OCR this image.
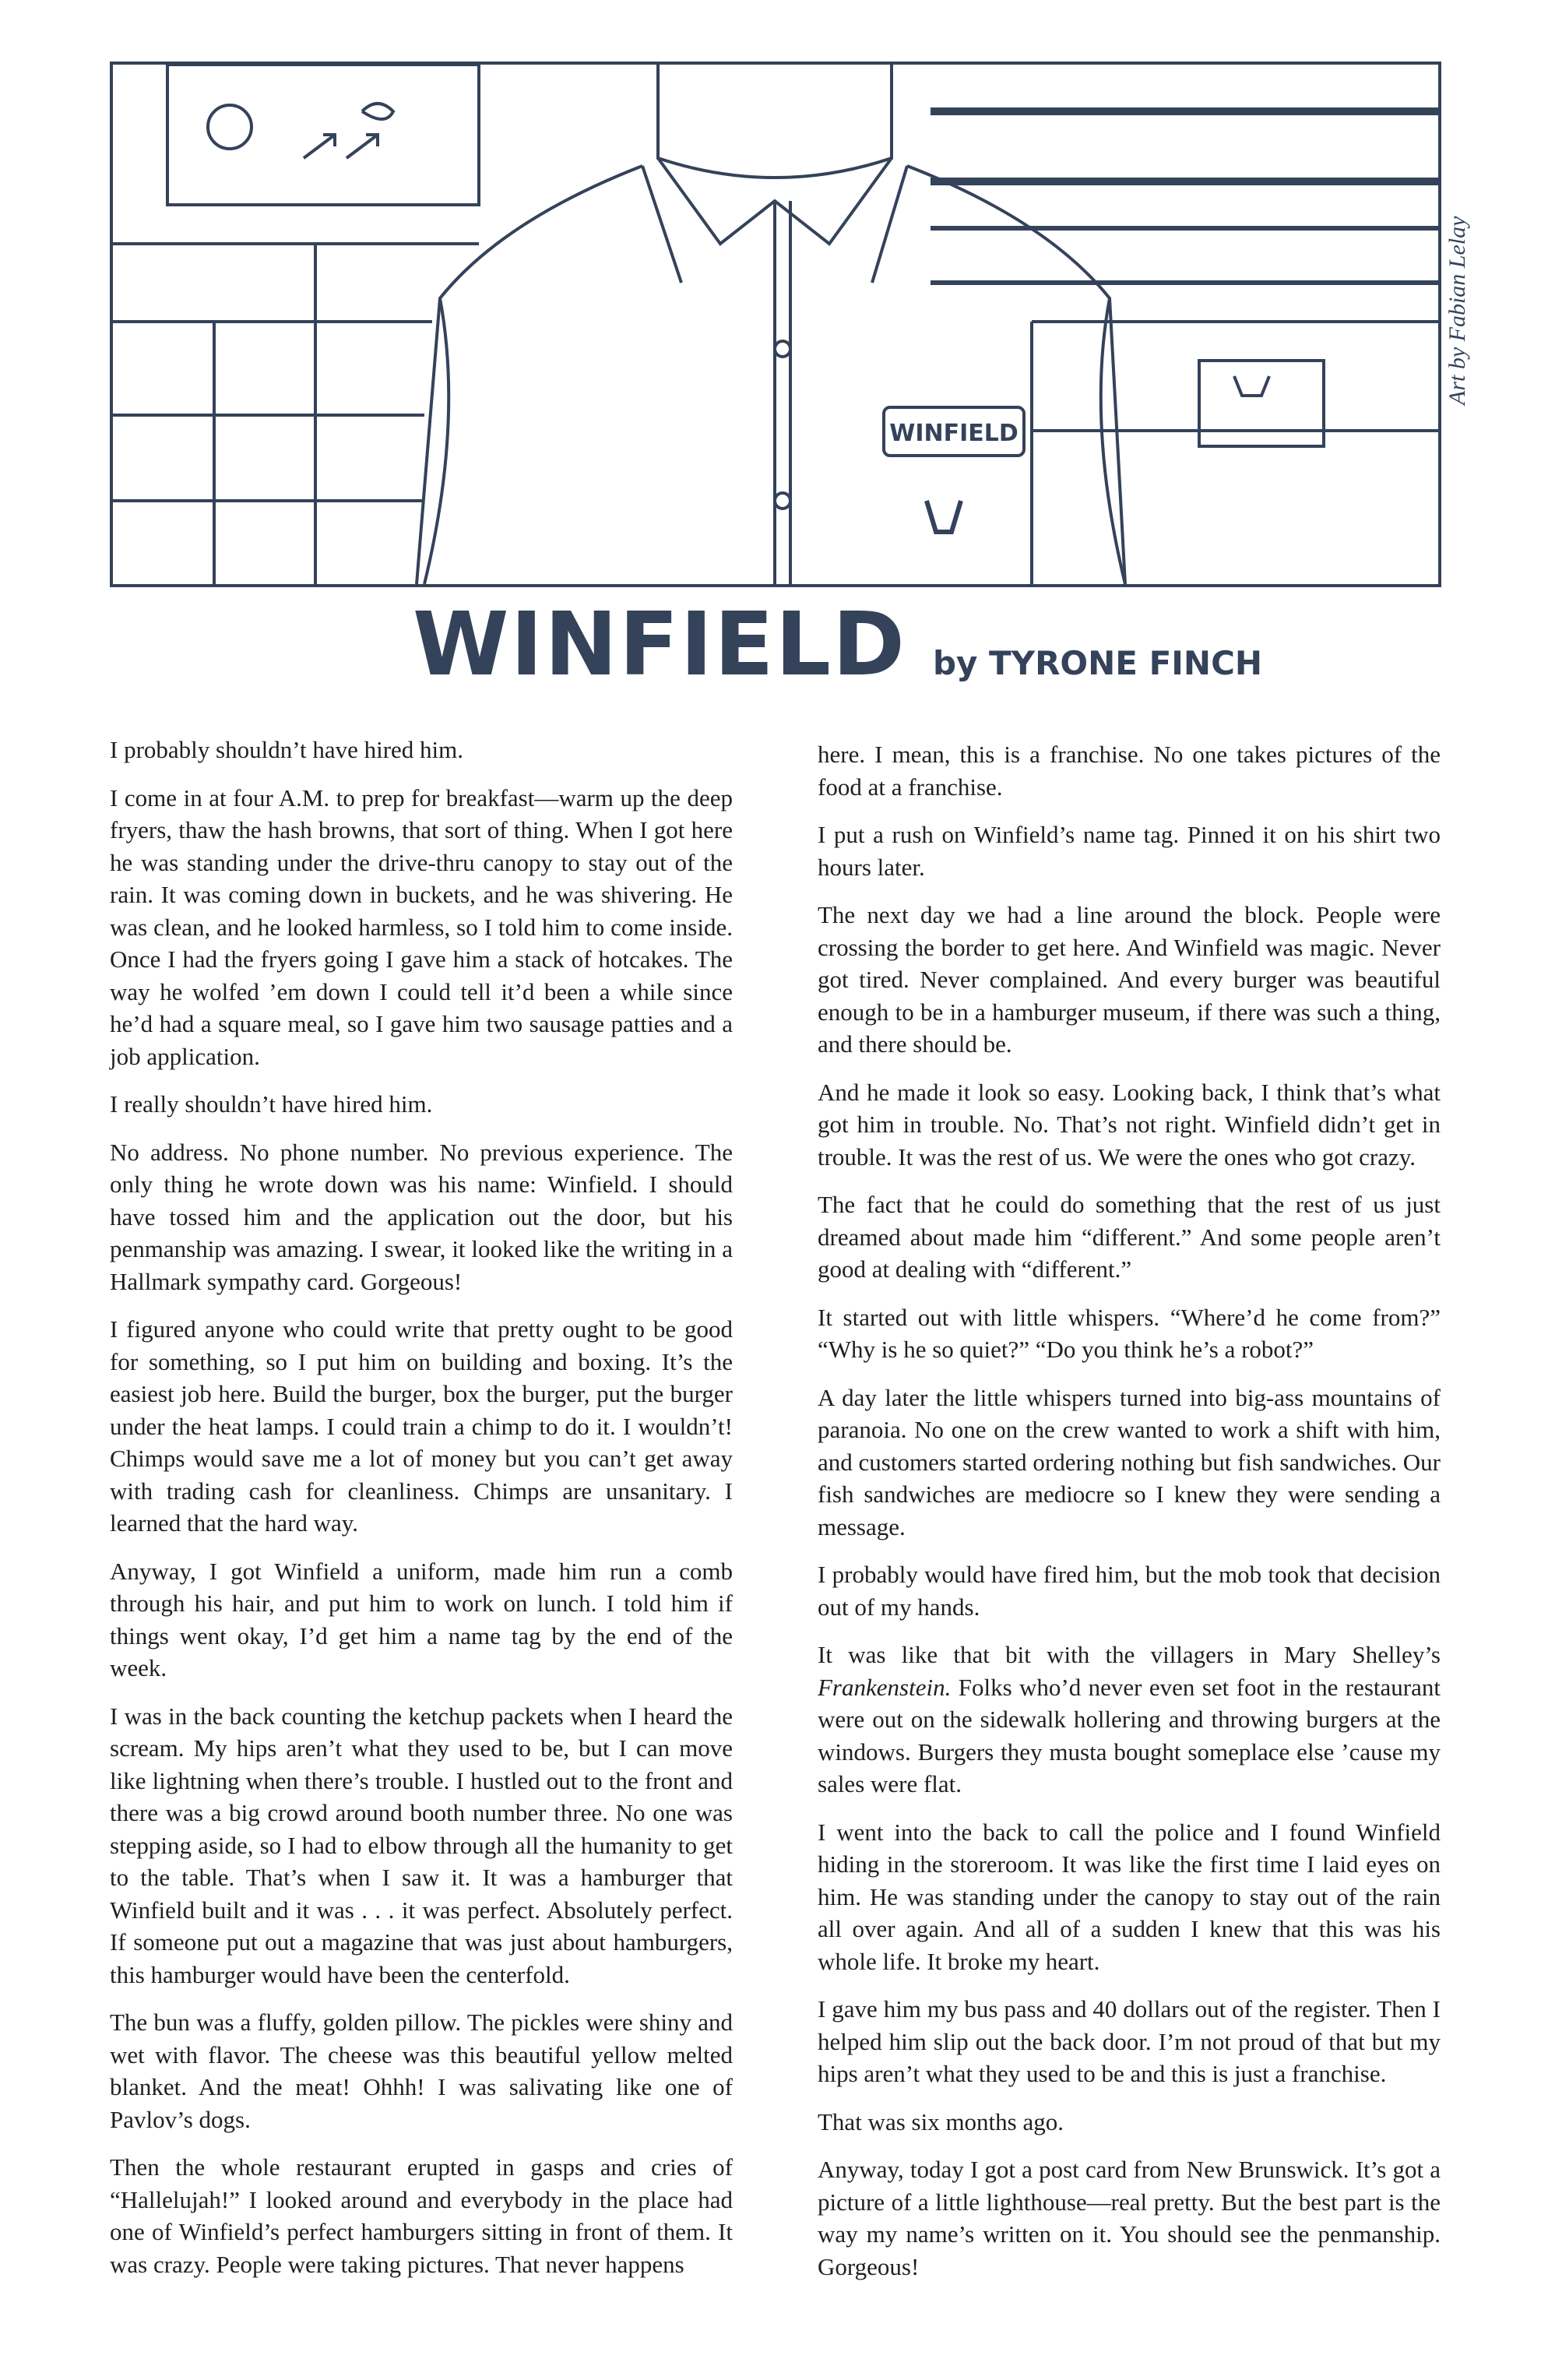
WINFIELD
Art by Fabian Lelay
WINFIELD by TYRONE FINCH

I probably shouldn’t have hired him.

I come in at four A.M. to prep for breakfast—warm up the deep fryers, thaw the hash browns, that sort of thing. When I got here he was standing under the drive-thru canopy to stay out of the rain. It was coming down in buckets, and he was shivering. He was clean, and he looked harmless, so I told him to come inside. Once I had the fryers going I gave him a stack of hotcakes. The way he wolfed ’em down I could tell it’d been a while since he’d had a square meal, so I gave him two sausage patties and a job application.

I really shouldn’t have hired him.

No address. No phone number. No previous experience. The only thing he wrote down was his name: Winfield. I should have tossed him and the application out the door, but his penmanship was amazing. I swear, it looked like the writing in a Hallmark sympathy card. Gorgeous!

I figured anyone who could write that pretty ought to be good for something, so I put him on building and boxing. It’s the easiest job here. Build the burger, box the burger, put the burger under the heat lamps. I could train a chimp to do it. I wouldn’t! Chimps would save me a lot of money but you can’t get away with trading cash for cleanliness. Chimps are unsanitary. I learned that the hard way.

Anyway, I got Winfield a uniform, made him run a comb through his hair, and put him to work on lunch. I told him if things went okay, I’d get him a name tag by the end of the week.

I was in the back counting the ketchup packets when I heard the scream. My hips aren’t what they used to be, but I can move like lightning when there’s trouble. I hustled out to the front and there was a big crowd around booth number three. No one was stepping aside, so I had to elbow through all the humanity to get to the table. That’s when I saw it. It was a hamburger that Winfield built and it was . . . it was perfect. Absolutely perfect. If someone put out a magazine that was just about hamburgers, this hamburger would have been the centerfold.

The bun was a fluffy, golden pillow. The pickles were shiny and wet with flavor. The cheese was this beautiful yellow melted blanket. And the meat! Ohhh! I was salivating like one of Pavlov’s dogs.

Then the whole restaurant erupted in gasps and cries of “Hallelujah!” I looked around and everybody in the place had one of Winfield’s perfect hamburgers sitting in front of them. It was crazy. People were taking pictures. That never happens

here. I mean, this is a franchise. No one takes pictures of the food at a franchise.

I put a rush on Winfield’s name tag. Pinned it on his shirt two hours later.

The next day we had a line around the block. People were crossing the border to get here. And Winfield was magic. Never got tired. Never complained. And every burger was beautiful enough to be in a hamburger museum, if there was such a thing, and there should be.

And he made it look so easy. Looking back, I think that’s what got him in trouble. No. That’s not right. Winfield didn’t get in trouble. It was the rest of us. We were the ones who got crazy.

The fact that he could do something that the rest of us just dreamed about made him “different.” And some people aren’t good at dealing with “different.”

It started out with little whispers. “Where’d he come from?” “Why is he so quiet?” “Do you think he’s a robot?”

A day later the little whispers turned into big-ass mountains of paranoia. No one on the crew wanted to work a shift with him, and customers started ordering nothing but fish sandwiches. Our fish sandwiches are mediocre so I knew they were sending a message.

I probably would have fired him, but the mob took that decision out of my hands.

It was like that bit with the villagers in Mary Shelley’s Frankenstein. Folks who’d never even set foot in the restaurant were out on the sidewalk hollering and throwing burgers at the windows. Burgers they musta bought someplace else ’cause my sales were flat.

I went into the back to call the police and I found Winfield hiding in the storeroom. It was like the first time I laid eyes on him. He was standing under the canopy to stay out of the rain all over again. And all of a sudden I knew that this was his whole life. It broke my heart.

I gave him my bus pass and 40 dollars out of the register. Then I helped him slip out the back door. I’m not proud of that but my hips aren’t what they used to be and this is just a franchise.

That was six months ago.

Anyway, today I got a post card from New Brunswick. It’s got a picture of a little lighthouse—real pretty. But the best part is the way my name’s written on it. You should see the penmanship. Gorgeous!
